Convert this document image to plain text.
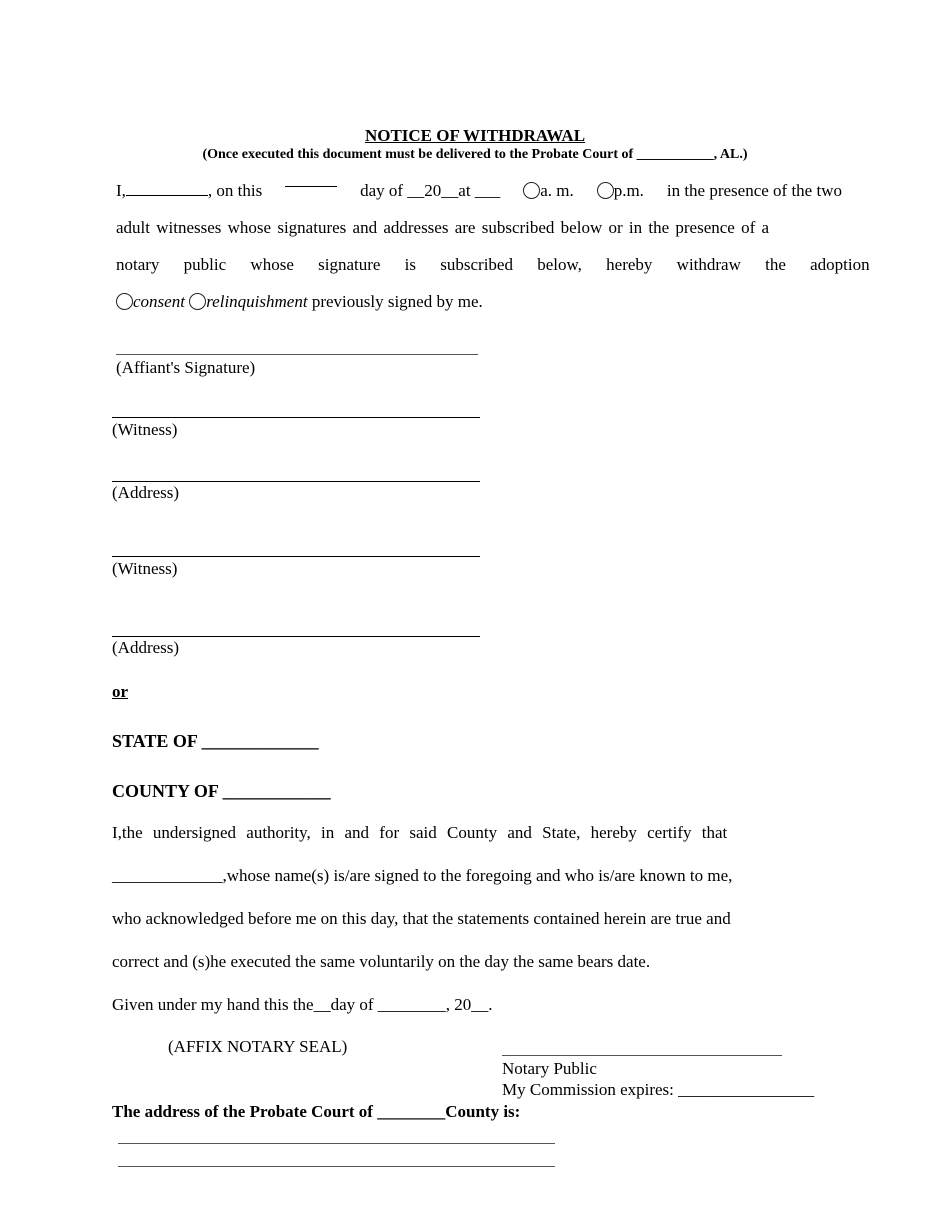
NOTICE OF WITHDRAWAL
(Once executed this document must be delivered to the Probate Court of ___________, AL.)
I,	, on this	day of __20__at ___	a. m.	p.m. in the presence of the two
adult witnesses whose signatures and addresses are subscribed below or in the presence of a
notary public whose signature is subscribed below, hereby withdraw the adoption
consent relinquishment previously signed by me.
(Affiant's Signature)
(Witness)
(Address)
(Witness)
(Address)
or
STATE OF _____________
COUNTY OF ____________
I,the undersigned authority, in and for said County and State, hereby certify that
_____________,whose name(s) is/are signed to the foregoing and who is/are known to me,
who acknowledged before me on this day, that the statements contained herein are true and
correct and (s)he executed the same voluntarily on the day the same bears date.
Given under my hand this the__day of ________, 20__.
(AFFIX NOTARY SEAL)
Notary Public
My Commission expires: ________________
The address of the Probate Court of ________County is:
